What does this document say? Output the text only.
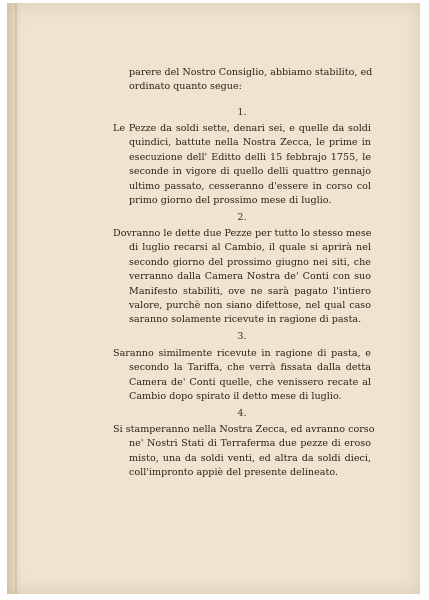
parere del Nostro Consiglio, abbiamo stabilito, ed
ordinato quanto segue:
1.
Le Pezze da soldi sette, denari sei, e quelle da soldi
quindici, battute nella Nostra Zecca, le prime in
esecuzione dell' Editto delli 15 febbrajo 1755, le
seconde in vigore di quello delli quattro gennajo
ultimo passato, cesseranno d'essere in corso col
primo giorno del prossimo mese di luglio.
2.
Dovranno le dette due Pezze per tutto lo stesso mese
di luglio recarsi al Cambio, il quale si aprirà nel
secondo giorno del prossimo giugno nei siti, che
verranno dalla Camera Nostra de' Conti con suo
Manifesto stabiliti, ove ne sarà pagato l'intiero
valore, purchè non siano difettose, nel qual caso
saranno solamente ricevute in ragione di pasta.
3.
Saranno similmente ricevute in ragione di pasta, e
secondo la Tariffa, che verrà fissata dalla detta
Camera de' Conti quelle, che venissero recate al
Cambio dopo spirato il detto mese di luglio.
4.
Si stamperanno nella Nostra Zecca, ed avranno corso
ne' Nostri Stati di Terraferma due pezze di eroso
misto, una da soldi venti, ed altra da soldi dieci,
coll'impronto appiè del presente delineato.
